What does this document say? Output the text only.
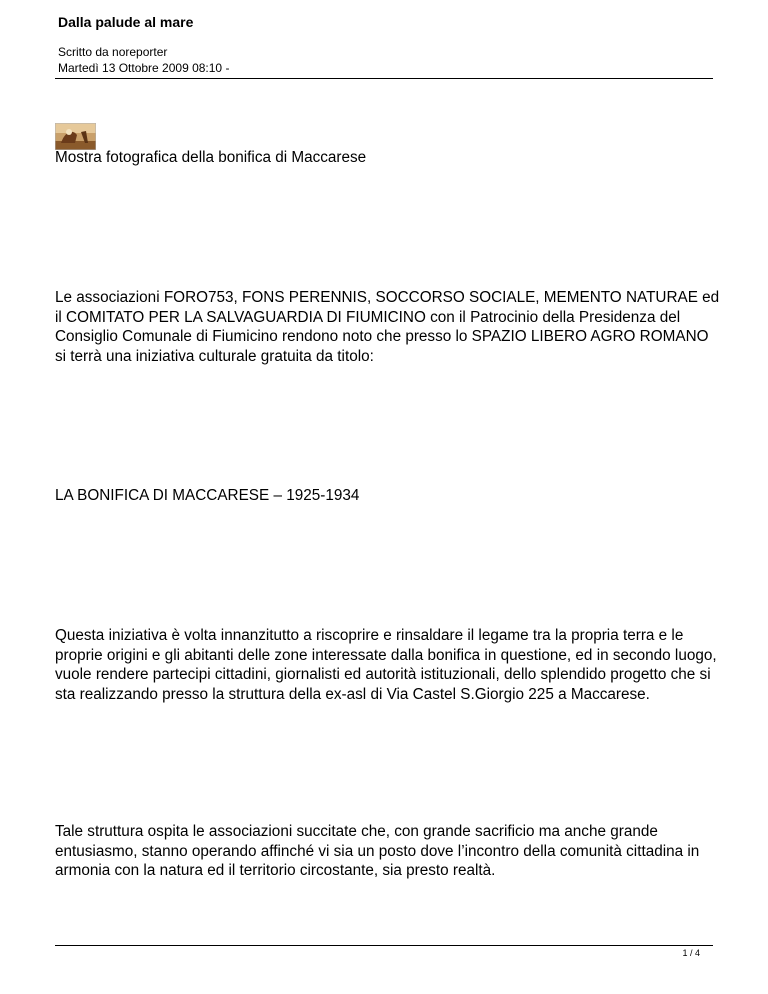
Dalla palude al mare
Scritto da noreporter
Martedì 13 Ottobre 2009 08:10 -
Mostra fotografica della bonifica di Maccarese
Le associazioni FORO753, FONS PERENNIS, SOCCORSO SOCIALE, MEMENTO NATURAE ed il COMITATO PER LA SALVAGUARDIA DI FIUMICINO con il Patrocinio della Presidenza del Consiglio Comunale di Fiumicino rendono noto che presso lo SPAZIO LIBERO AGRO ROMANO si terrà una iniziativa culturale gratuita da titolo:
LA BONIFICA DI MACCARESE – 1925-1934
Questa iniziativa è volta innanzitutto a riscoprire e rinsaldare il legame tra la propria terra e le proprie origini e gli abitanti delle zone interessate dalla bonifica in questione, ed in secondo luogo, vuole rendere partecipi cittadini, giornalisti ed autorità istituzionali, dello splendido progetto che si sta realizzando presso la struttura della ex-asl di Via Castel S.Giorgio 225 a Maccarese.
Tale struttura ospita le associazioni succitate che, con grande sacrificio ma anche grande entusiasmo, stanno operando affinché vi sia un posto dove l’incontro della comunità cittadina in armonia con la natura ed il territorio circostante, sia presto realtà.
1 / 4
